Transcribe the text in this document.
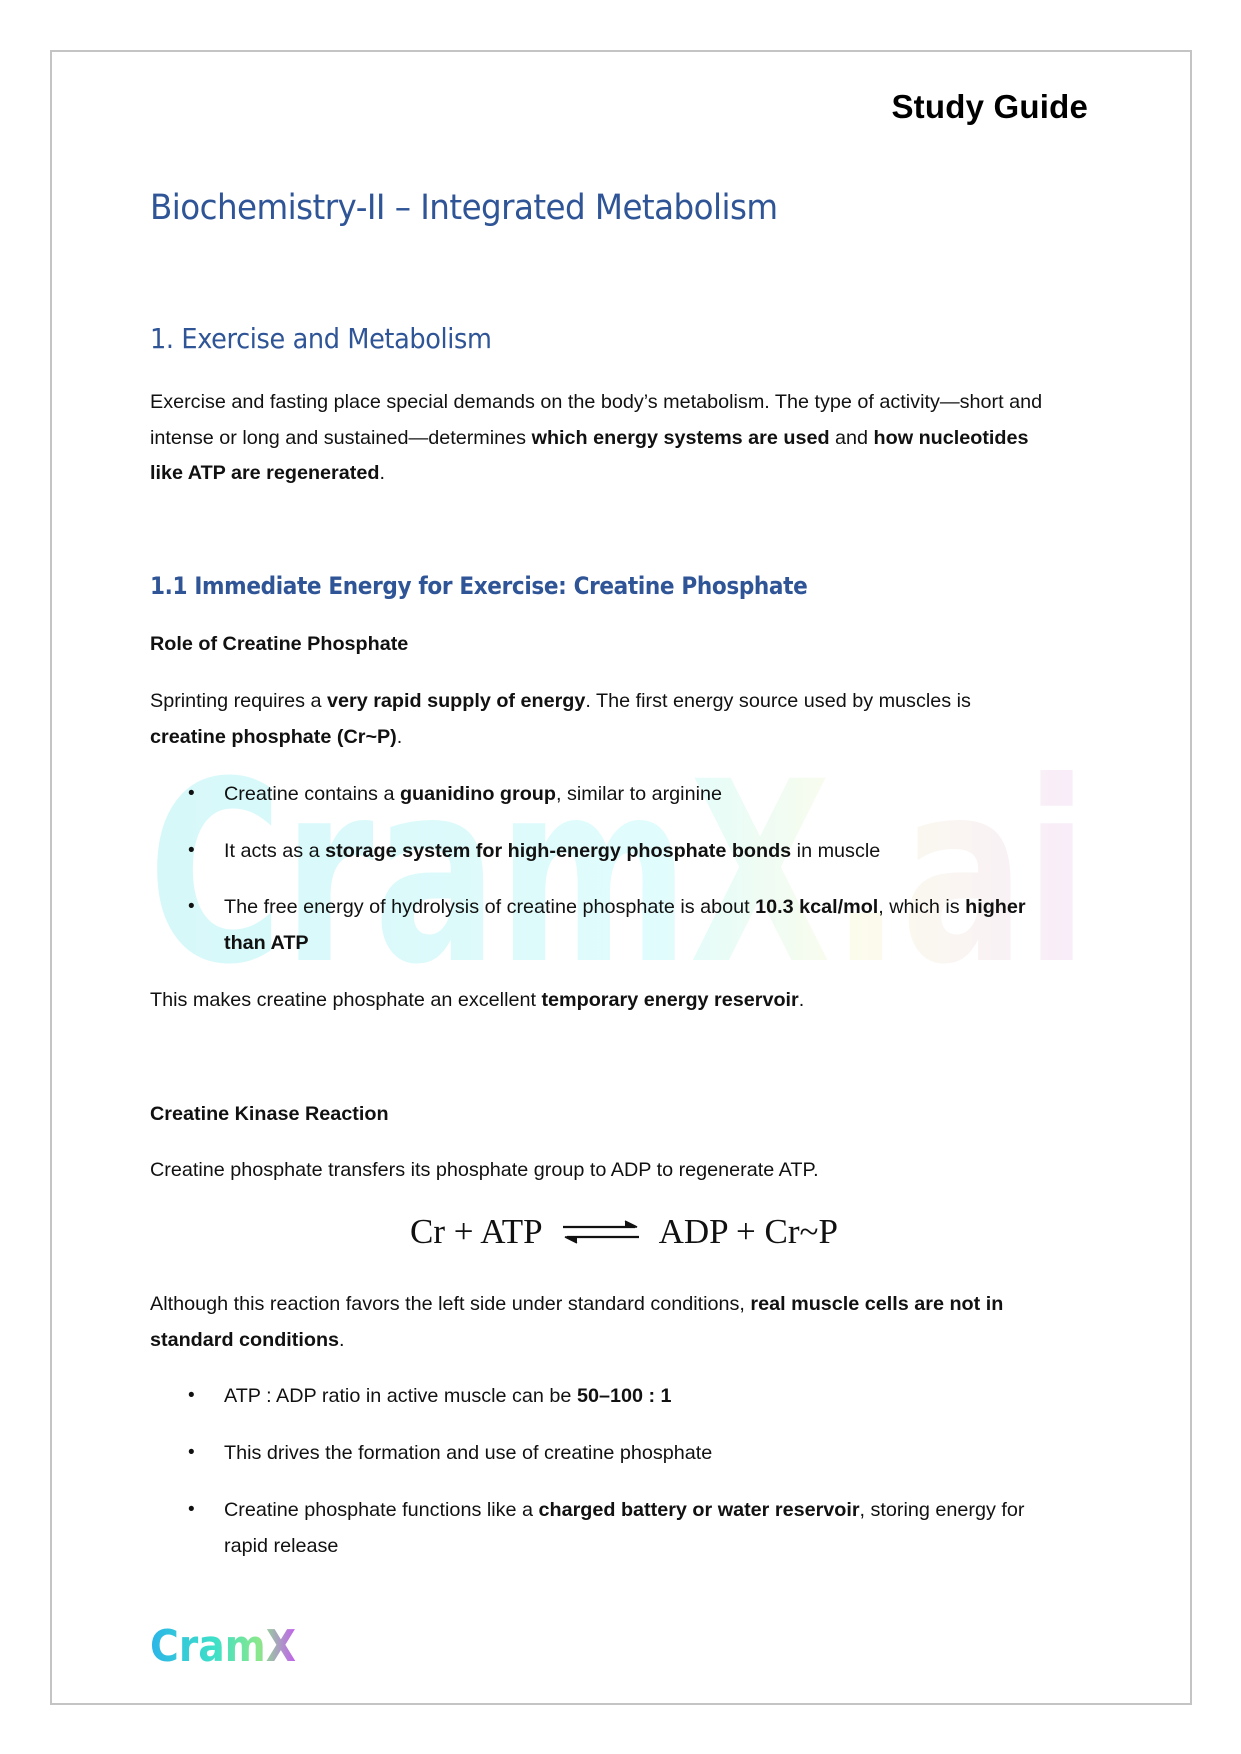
CramX.ai
Study Guide
Biochemistry-II – Integrated Metabolism
1. Exercise and Metabolism
Exercise and fasting place special demands on the body’s metabolism. The type of activity—short and
intense or long and sustained—determines which energy systems are used and how nucleotides
like ATP are regenerated.
1.1 Immediate Energy for Exercise: Creatine Phosphate
Role of Creatine Phosphate
Sprinting requires a very rapid supply of energy. The first energy source used by muscles is
creatine phosphate (Cr~P).
• Creatine contains a guanidino group, similar to arginine
• It acts as a storage system for high-energy phosphate bonds in muscle
• The free energy of hydrolysis of creatine phosphate is about 10.3 kcal/mol, which is higher
than ATP
This makes creatine phosphate an excellent temporary energy reservoir.
Creatine Kinase Reaction
Creatine phosphate transfers its phosphate group to ADP to regenerate ATP.
Cr + ATP ⇌ ADP + Cr~P
Although this reaction favors the left side under standard conditions, real muscle cells are not in
standard conditions.
• ATP : ADP ratio in active muscle can be 50–100 : 1
• This drives the formation and use of creatine phosphate
• Creatine phosphate functions like a charged battery or water reservoir, storing energy for
rapid release
CramX
